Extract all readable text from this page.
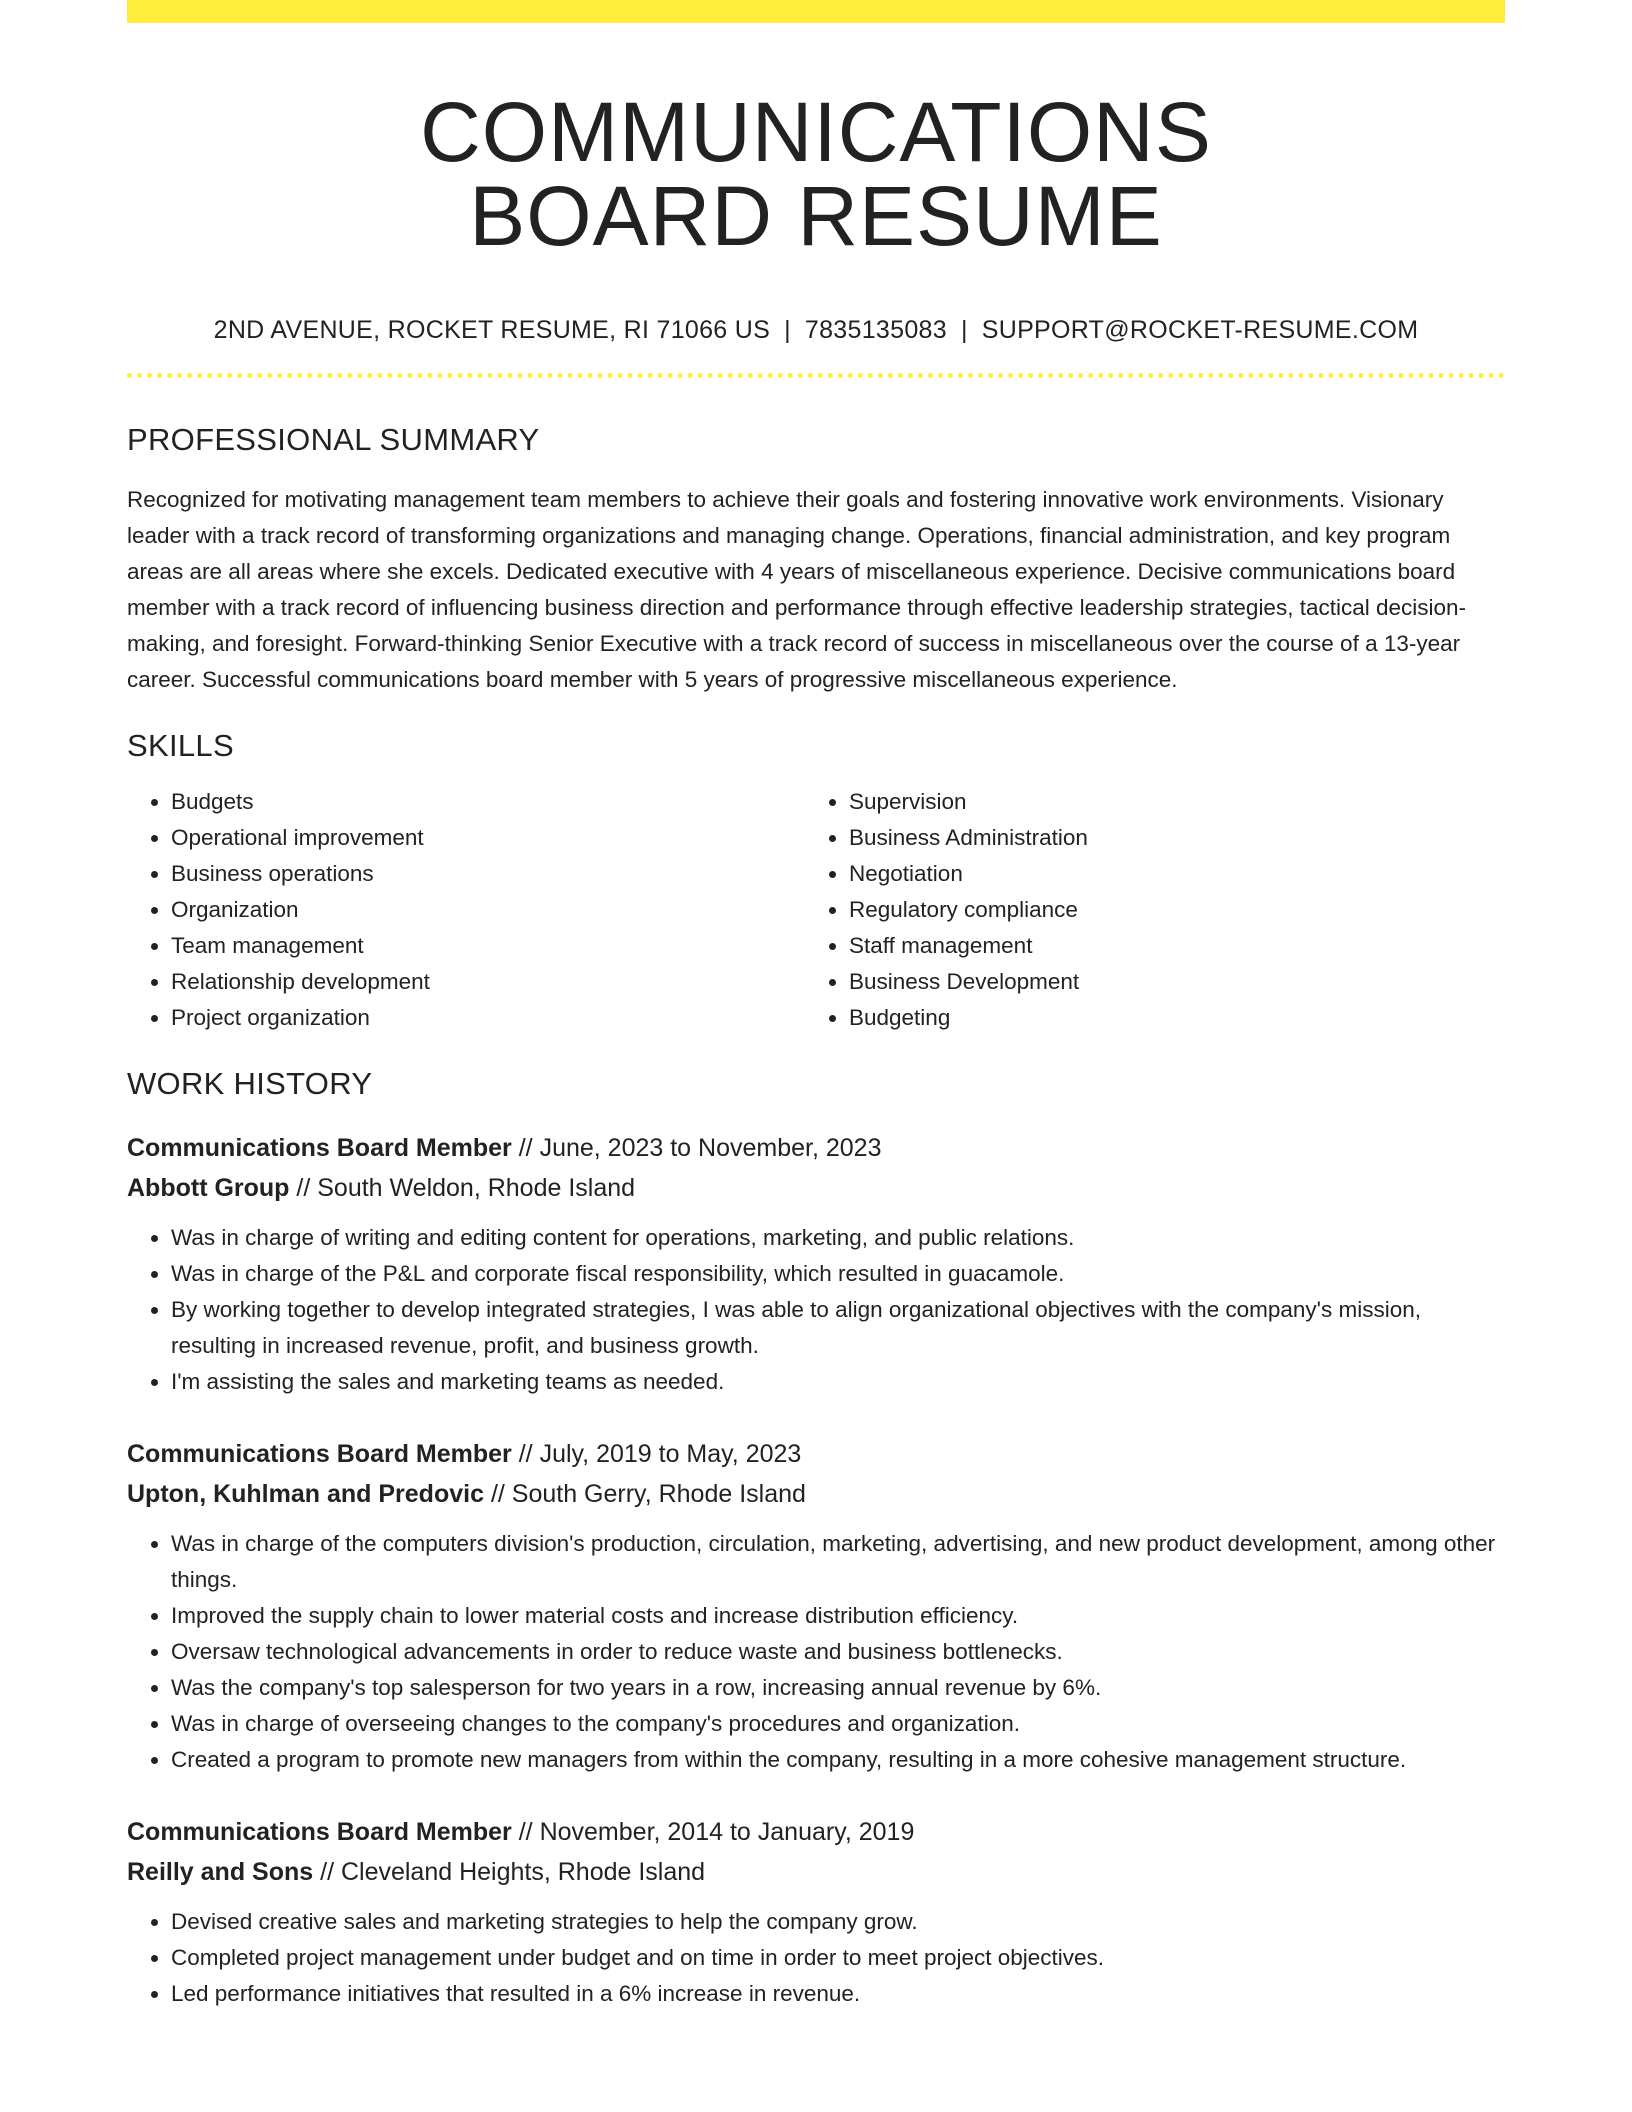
COMMUNICATIONS
BOARD RESUME
2ND AVENUE, ROCKET RESUME, RI 71066 US | 7835135083 | SUPPORT@ROCKET-RESUME.COM
PROFESSIONAL SUMMARY
Recognized for motivating management team members to achieve their goals and fostering innovative work environments. Visionary leader with a track record of transforming organizations and managing change. Operations, financial administration, and key program areas are all areas where she excels. Dedicated executive with 4 years of miscellaneous experience. Decisive communications board member with a track record of influencing business direction and performance through effective leadership strategies, tactical decision-making, and foresight. Forward-thinking Senior Executive with a track record of success in miscellaneous over the course of a 13-year career. Successful communications board member with 5 years of progressive miscellaneous experience.
SKILLS
• Budgets
• Operational improvement
• Business operations
• Organization
• Team management
• Relationship development
• Project organization
• Supervision
• Business Administration
• Negotiation
• Regulatory compliance
• Staff management
• Business Development
• Budgeting
WORK HISTORY
Communications Board Member // June, 2023 to November, 2023
Abbott Group // South Weldon, Rhode Island
• Was in charge of writing and editing content for operations, marketing, and public relations.
• Was in charge of the P&L and corporate fiscal responsibility, which resulted in guacamole.
• By working together to develop integrated strategies, I was able to align organizational objectives with the company's mission, resulting in increased revenue, profit, and business growth.
• I'm assisting the sales and marketing teams as needed.
Communications Board Member // July, 2019 to May, 2023
Upton, Kuhlman and Predovic // South Gerry, Rhode Island
• Was in charge of the computers division's production, circulation, marketing, advertising, and new product development, among other things.
• Improved the supply chain to lower material costs and increase distribution efficiency.
• Oversaw technological advancements in order to reduce waste and business bottlenecks.
• Was the company's top salesperson for two years in a row, increasing annual revenue by 6%.
• Was in charge of overseeing changes to the company's procedures and organization.
• Created a program to promote new managers from within the company, resulting in a more cohesive management structure.
Communications Board Member // November, 2014 to January, 2019
Reilly and Sons // Cleveland Heights, Rhode Island
• Devised creative sales and marketing strategies to help the company grow.
• Completed project management under budget and on time in order to meet project objectives.
• Led performance initiatives that resulted in a 6% increase in revenue.
